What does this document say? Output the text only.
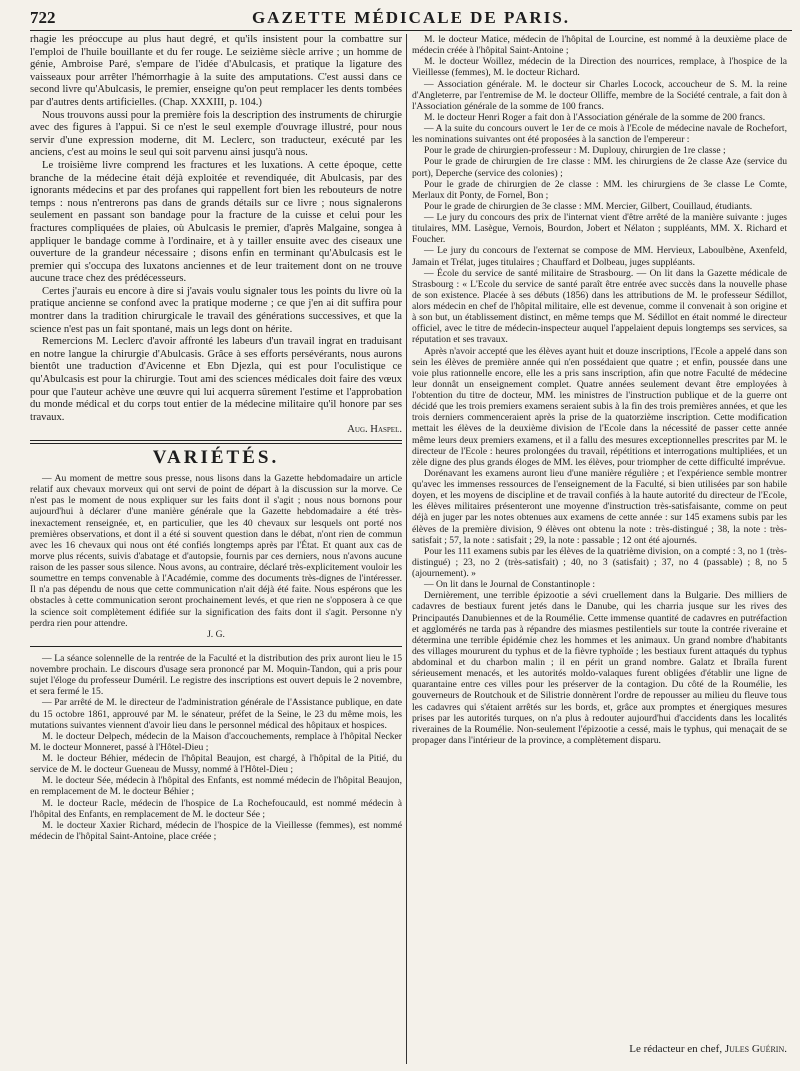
722	GAZETTE MÉDICALE DE PARIS.

rhagie les préoccupe au plus haut degré, et qu'ils insistent pour la combattre sur l'emploi de l'huile bouillante et du fer rouge. Le seizième siècle arrive ; un homme de génie, Ambroise Paré, s'empare de l'idée d'Abulcasis, et pratique la ligature des vaisseaux pour arrêter l'hémorrhagie à la suite des amputations. C'est aussi dans ce second livre qu'Abulcasis, le premier, enseigne qu'on peut remplacer les dents tombées par d'autres dents artificielles. (Chap. XXXIII, p. 104.)

Nous trouvons aussi pour la première fois la description des instruments de chirurgie avec des figures à l'appui. Si ce n'est le seul exemple d'ouvrage illustré, pour nous servir d'une expression moderne, dit M. Leclerc, son traducteur, exécuté par les anciens, c'est au moins le seul qui soit parvenu ainsi jusqu'à nous.

Le troisième livre comprend les fractures et les luxations. A cette époque, cette branche de la médecine était déjà exploitée et revendiquée, dit Abulcasis, par des ignorants médecins et par des profanes qui rappellent fort bien les rebouteurs de notre temps : nous n'entrerons pas dans de grands détails sur ce livre ; nous signalerons seulement en passant son bandage pour la fracture de la cuisse et celui pour les fractures compliquées de plaies, où Abulcasis le premier, d'après Malgaine, songea à appliquer le bandage comme à l'ordinaire, et à y tailler ensuite avec des ciseaux une ouverture de la grandeur nécessaire ; disons enfin en terminant qu'Abulcasis est le premier qui s'occupa des luxatons anciennes et de leur traitement dont on ne trouve aucune trace chez des prédécesseurs.

Certes j'aurais eu encore à dire si j'avais voulu signaler tous les points du livre où la pratique ancienne se confond avec la pratique moderne ; ce que j'en ai dit suffira pour montrer dans la tradition chirurgicale le travail des générations successives, et que la science n'est pas un fait spontané, mais un legs dont on hérite.

Remercions M. Leclerc d'avoir affronté les labeurs d'un travail ingrat en traduisant en notre langue la chirurgie d'Abulcasis. Grâce à ses efforts persévérants, nous aurons bientôt une traduction d'Avicenne et Ebn Djezla, qui est pour l'oculistique ce qu'Abulcasis est pour la chirurgie. Tout ami des sciences médicales doit faire des vœux pour que l'auteur achève une œuvre qui lui acquerra sûrement l'estime et l'approbation du monde médical et du corps tout entier de la médecine militaire qu'il honore par ses travaux.

Aug. Haspel.
VARIÉTÉS.

— Au moment de mettre sous presse, nous lisons dans la Gazette hebdomadaire un article relatif aux chevaux morveux qui ont servi de point de départ à la discussion sur la morve. Ce n'est pas le moment de nous expliquer sur les faits dont il s'agit ; nous nous bornons pour aujourd'hui à déclarer d'une manière générale que la Gazette hebdomadaire a été très-inexactement renseignée, et, en particulier, que les 40 chevaux sur lesquels ont porté nos premières observations, et dont il a été si souvent question dans le débat, n'ont rien de commun avec les 16 chevaux qui nous ont été confiés longtemps après par l'État. Et quant aux cas de morve plus récents, suivis d'abatage et d'autopsie, fournis par ces derniers, nous n'avons aucune raison de les passer sous silence. Nous avons, au contraire, déclaré très-explicitement vouloir les soumettre en temps convenable à l'Académie, comme des documents très-dignes de l'intéresser. Il n'a pas dépendu de nous que cette communication n'ait déjà été faite. Nous espérons que les obstacles à cette communication seront prochainement levés, et que rien ne s'opposera à ce que la science soit complètement édifiée sur la signification des faits dont il s'agit. Personne n'y perdra rien pour attendre.

J. G.

— La séance solennelle de la rentrée de la Faculté et la distribution des prix auront lieu le 15 novembre prochain. Le discours d'usage sera prononcé par M. Moquin-Tandon, qui a pris pour sujet l'éloge du professeur Duméril. Le registre des inscriptions est ouvert depuis le 2 novembre, et sera fermé le 15.

— Par arrêté de M. le directeur de l'administration générale de l'Assistance publique, en date du 15 octobre 1861, approuvé par M. le sénateur, préfet de la Seine, le 23 du même mois, les mutations suivantes viennent d'avoir lieu dans le personnel médical des hôpitaux et hospices.

M. le docteur Delpech, médecin de la Maison d'accouchements, remplace à l'hôpital Necker M. le docteur Monneret, passé à l'Hôtel-Dieu ;

M. le docteur Béhier, médecin de l'hôpital Beaujon, est chargé, à l'hôpital de la Pitié, du service de M. le docteur Gueneau de Mussy, nommé à l'Hôtel-Dieu ;

M. le docteur Sée, médecin à l'hôpital des Enfants, est nommé médecin de l'hôpital Beaujon, en remplacement de M. le docteur Béhier ;

M. le docteur Racle, médecin de l'hospice de La Rochefoucauld, est nommé médecin à l'hôpital des Enfants, en remplacement de M. le docteur Sée ;

M. le docteur Xaxier Richard, médecin de l'hospice de la Vieillesse (femmes), est nommé médecin de l'hôpital Saint-Antoine, place créée ;

M. le docteur Matice, médecin de l'hôpital de Lourcine, est nommé à la deuxième place de médecin créée à l'hôpital Saint-Antoine ;

M. le docteur Woillez, médecin de la Direction des nourrices, remplace, à l'hospice de la Vieillesse (femmes), M. le docteur Richard.

— Association générale. M. le docteur sir Charles Locock, accoucheur de S. M. la reine d'Angleterre, par l'entremise de M. le docteur Olliffe, membre de la Société centrale, a fait don à l'Association générale de la somme de 100 francs.

M. le docteur Henri Roger a fait don à l'Association générale de la somme de 200 francs.

— A la suite du concours ouvert le 1er de ce mois à l'Ecole de médecine navale de Rochefort, les nominations suivantes ont été proposées à la sanction de l'empereur :

Pour le grade de chirurgien-professeur : M. Duplouy, chirurgien de 1re classe ;

Pour le grade de chirurgien de 1re classe : MM. les chirurgiens de 2e classe Aze (service du port), Deperche (service des colonies) ;

Pour le grade de chirurgien de 2e classe : MM. les chirurgiens de 3e classe Le Comte, Merlaux dit Ponty, de Fornel, Bon ;

Pour le grade de chirurgien de 3e classe : MM. Mercier, Gilbert, Couillaud, étudiants.

— Le jury du concours des prix de l'internat vient d'être arrêté de la manière suivante : juges titulaires, MM. Lasègue, Vernois, Bourdon, Jobert et Nélaton ; suppléants, MM. X. Richard et Foucher.

— Le jury du concours de l'externat se compose de MM. Hervieux, Laboulbène, Axenfeld, Jamain et Trélat, juges titulaires ; Chauffard et Dolbeau, juges suppléants.

— École du service de santé militaire de Strasbourg. — On lit dans la Gazette médicale de Strasbourg : « L'Ecole du service de santé paraît être entrée avec succès dans la nouvelle phase de son existence. Placée à ses débuts (1856) dans les attributions de M. le professeur Sédillot, alors médecin en chef de l'hôpital militaire, elle est devenue, comme il convenait à son origine et à son but, un établissement distinct, en même temps que M. Sédillot en était nommé le directeur officiel, avec le titre de médecin-inspecteur auquel l'appelaient depuis longtemps ses services, sa réputation et ses travaux.

Après n'avoir accepté que les élèves ayant huit et douze inscriptions, l'Ecole a appelé dans son sein les élèves de première année qui n'en possédaient que quatre ; et enfin, poussée dans une voie plus rationnelle encore, elle les a pris sans inscription, afin que notre Faculté de médecine leur donnât un enseignement complet. Quatre années seulement devant être employées à l'obtention du titre de docteur, MM. les ministres de l'instruction publique et de la guerre ont décidé que les trois premiers examens seraient subis à la fin des trois premières années, et que les trois derniers commenceraient après la prise de la quatorzième inscription. Cette modification mettait les élèves de la deuxième division de l'Ecole dans la nécessité de passer cette année même leurs deux premiers examens, et il a fallu des mesures exceptionnelles prescrites par M. le directeur de l'Ecole : heures prolongées du travail, répétitions et interrogations multipliées, et un zèle digne des plus grands éloges de MM. les élèves, pour triompher de cette difficulté imprévue.

Dorénavant les examens auront lieu d'une manière régulière ; et l'expérience semble montrer qu'avec les immenses ressources de l'enseignement de la Faculté, si bien utilisées par son habile doyen, et les moyens de discipline et de travail confiés à la haute autorité du directeur de l'Ecole, les élèves militaires présenteront une moyenne d'instruction très-satisfaisante, comme on peut déjà en juger par les notes obtenues aux examens de cette année : sur 145 examens subis par les élèves de la première division, 9 élèves ont obtenu la note : très-distingué ; 38, la note : très-satisfait ; 57, la note : satisfait ; 29, la note : passable ; 12 ont été ajournés.

Pour les 111 examens subis par les élèves de la quatrième division, on a compté : 3, no 1 (très-distingué) ; 23, no 2 (très-satisfait) ; 40, no 3 (satisfait) ; 37, no 4 (passable) ; 8, no 5 (ajournement). »

— On lit dans le Journal de Constantinople :

Dernièrement, une terrible épizootie a sévi cruellement dans la Bulgarie. Des milliers de cadavres de bestiaux furent jetés dans le Danube, qui les charria jusque sur les rives des Principautés Danubiennes et de la Roumélie. Cette immense quantité de cadavres en putréfaction et agglomérés ne tarda pas à répandre des miasmes pestilentiels sur toute la contrée riveraine et détermina une terrible épidémie chez les hommes et les animaux. Un grand nombre d'habitants des villages moururent du typhus et de la fièvre typhoïde ; les bestiaux furent attaqués du typhus abdominal et du charbon malin ; il en périt un grand nombre. Galatz et Ibraïla furent sérieusement menacés, et les autorités moldo-valaques furent obligées d'établir une ligne de quarantaine entre ces villes pour les préserver de la contagion. Du côté de la Roumélie, les gouverneurs de Routchouk et de Silistrie donnèrent l'ordre de repousser au milieu du fleuve tous les cadavres qui s'étaient arrêtés sur les bords, et, grâce aux promptes et énergiques mesures prises par les autorités turques, on n'a plus à redouter aujourd'hui d'accidents dans les localités riveraines de la Roumélie. Non-seulement l'épizootie a cessé, mais le typhus, qui menaçait de se propager dans l'intérieur de la province, a complètement disparu.

Le rédacteur en chef, Jules Guérin.
